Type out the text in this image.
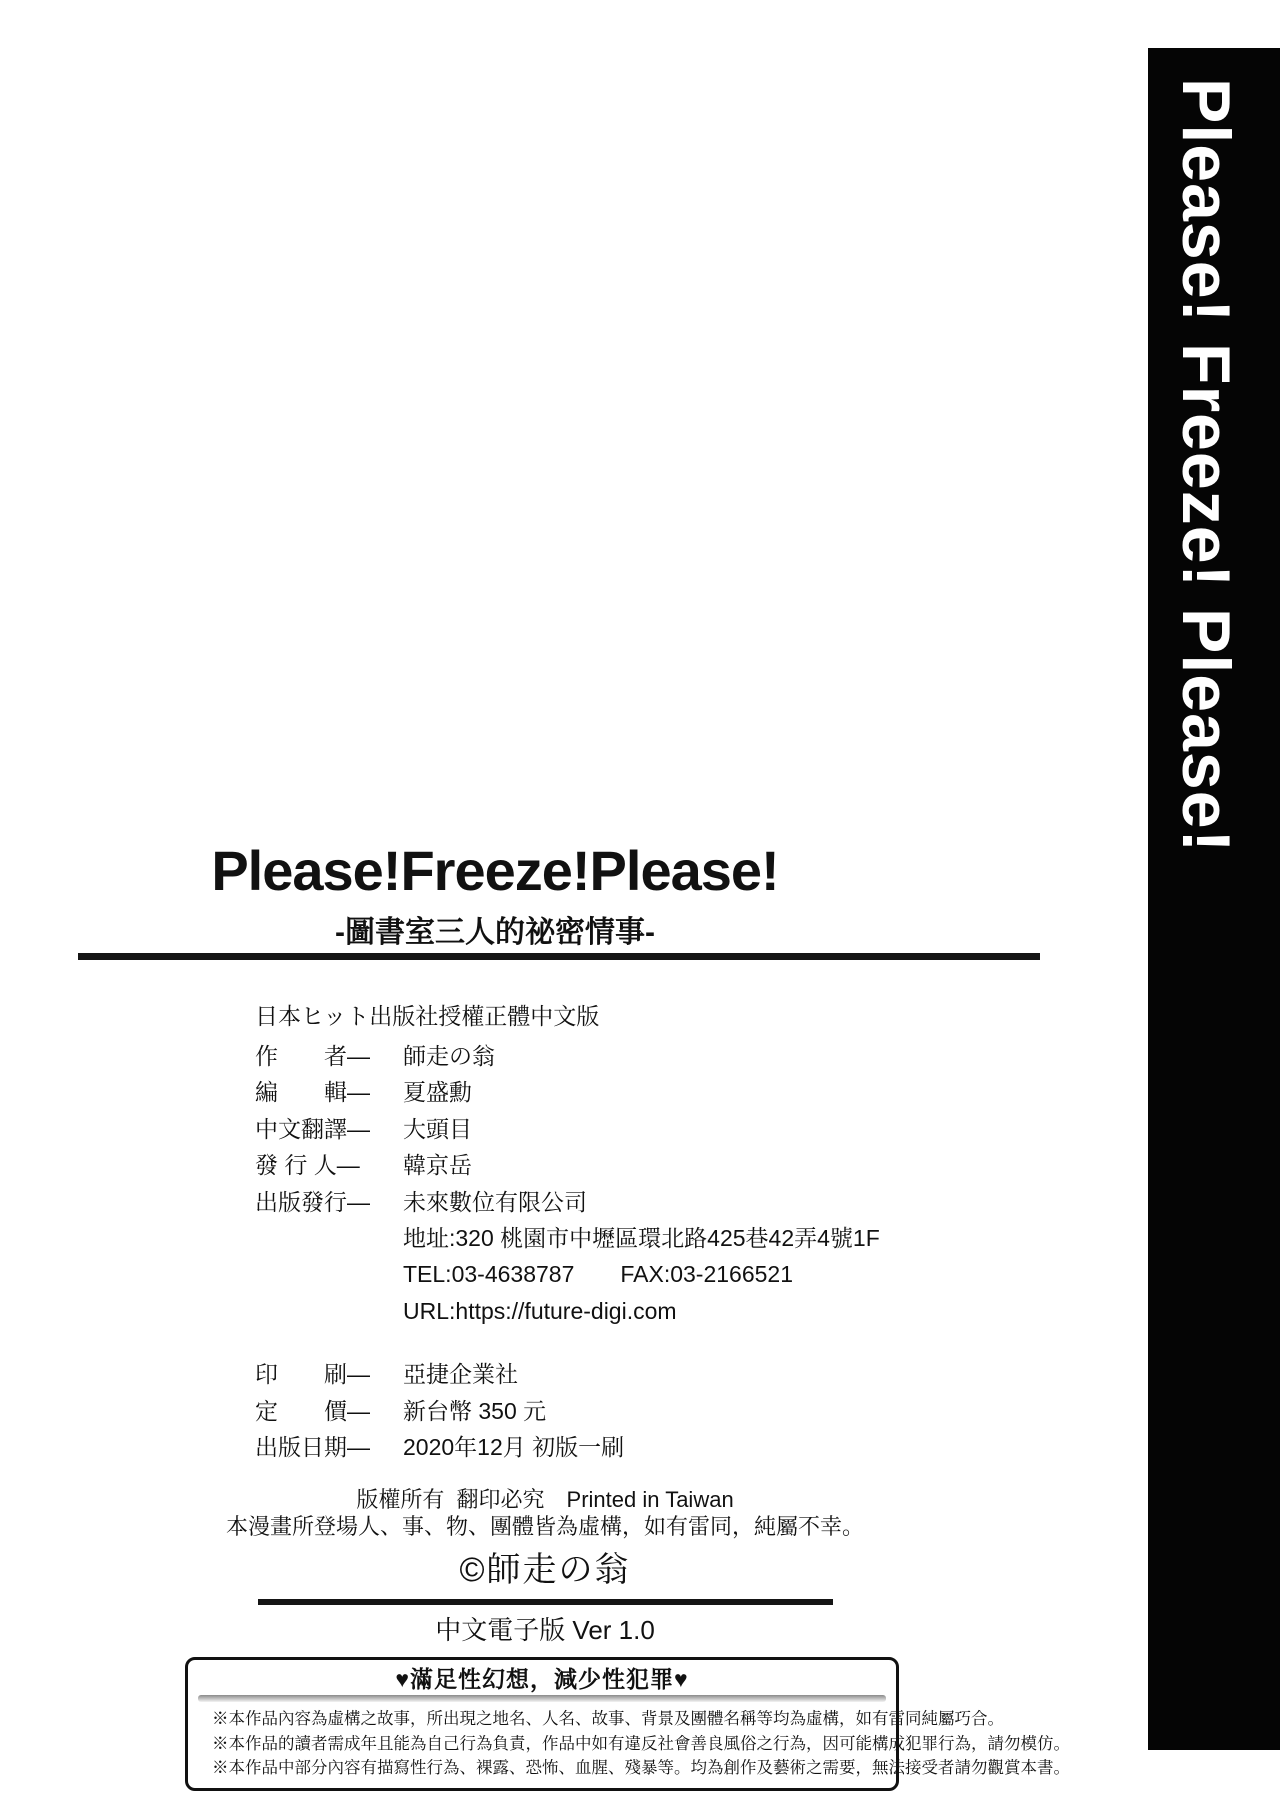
Please! Freeze! Please!
Please!Freeze!Please!
-圖書室三人的祕密情事-
日本ヒット出版社授權正體中文版
作　　者—	師走の翁
編　　輯—	夏盛勳
中文翻譯—	大頭目
發 行 人—	韓京岳
出版發行—	未來數位有限公司
地址:320 桃園市中壢區環北路425巷42弄4號1F
TEL:03-4638787　　FAX:03-2166521
URL:https://future-digi.com
印　　刷—	亞捷企業社
定　　價—	新台幣 350 元
出版日期—	2020年12月 初版一刷
版權所有  翻印必究　Printed in Taiwan
本漫畫所登場人、事、物、團體皆為虛構，如有雷同，純屬不幸。
©師走の翁
中文電子版 Ver 1.0
♥滿足性幻想，減少性犯罪♥
※本作品內容為虛構之故事，所出現之地名、人名、故事、背景及團體名稱等均為虛構，如有雷同純屬巧合。
※本作品的讀者需成年且能為自己行為負責，作品中如有違反社會善良風俗之行為，因可能構成犯罪行為，請勿模仿。
※本作品中部分內容有描寫性行為、裸露、恐怖、血腥、殘暴等。均為創作及藝術之需要，無法接受者請勿觀賞本書。
